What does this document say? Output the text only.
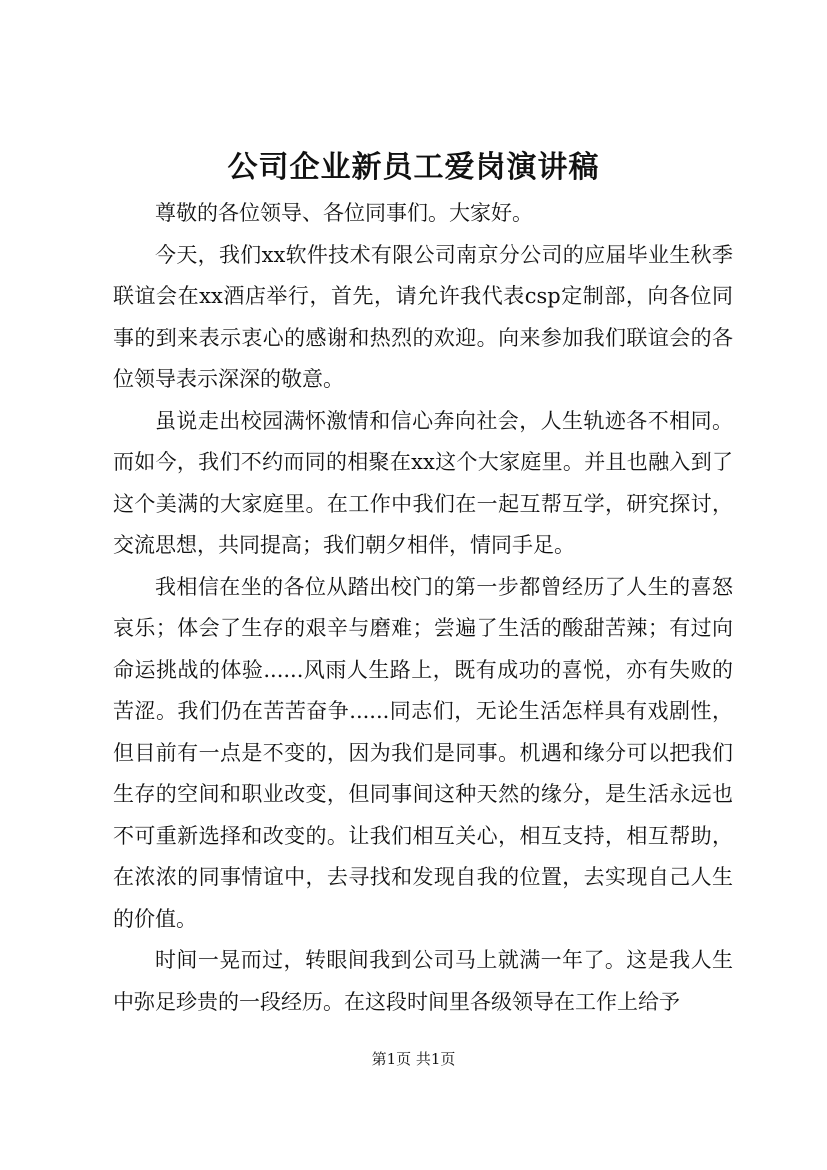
公司企业新员工爱岗演讲稿

尊敬的各位领导、各位同事们。大家好。

今天，我们xx软件技术有限公司南京分公司的应届毕业生秋季联谊会在xx酒店举行，首先，请允许我代表csp定制部，向各位同事的到来表示衷心的感谢和热烈的欢迎。向来参加我们联谊会的各位领导表示深深的敬意。

虽说走出校园满怀激情和信心奔向社会，人生轨迹各不相同。而如今，我们不约而同的相聚在xx这个大家庭里。并且也融入到了这个美满的大家庭里。在工作中我们在一起互帮互学，研究探讨，交流思想，共同提高；我们朝夕相伴，情同手足。

我相信在坐的各位从踏出校门的第一步都曾经历了人生的喜怒哀乐；体会了生存的艰辛与磨难；尝遍了生活的酸甜苦辣；有过向命运挑战的体验......风雨人生路上，既有成功的喜悦，亦有失败的苦涩。我们仍在苦苦奋争......同志们，无论生活怎样具有戏剧性，但目前有一点是不变的，因为我们是同事。机遇和缘分可以把我们生存的空间和职业改变，但同事间这种天然的缘分，是生活永远也不可重新选择和改变的。让我们相互关心，相互支持，相互帮助，在浓浓的同事情谊中，去寻找和发现自我的位置，去实现自己人生的价值。

时间一晃而过，转眼间我到公司马上就满一年了。这是我人生中弥足珍贵的一段经历。在这段时间里各级领导在工作上给予

第1页 共1页
